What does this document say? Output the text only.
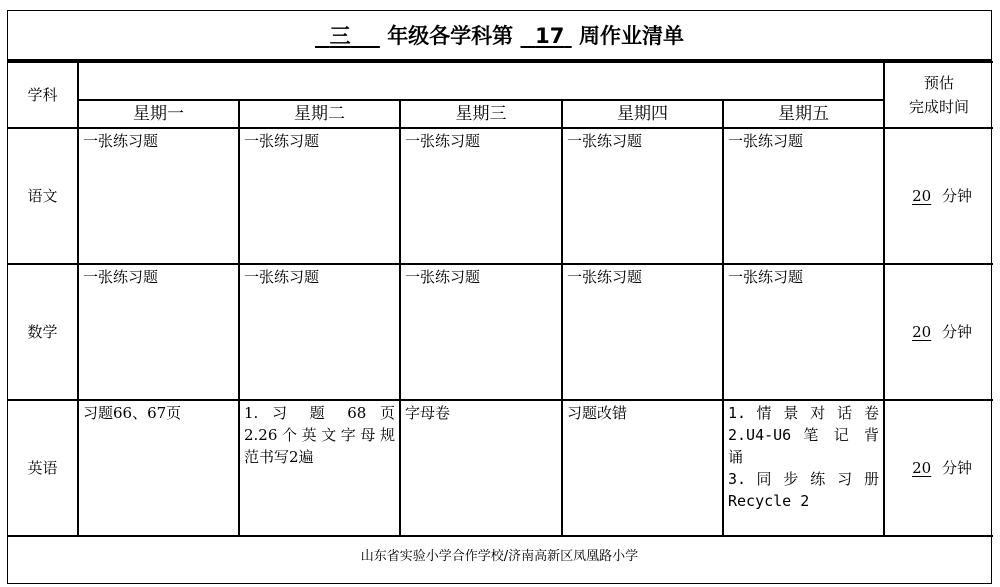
三 年级各学科第 17 周作业清单
学科						预估
完成时间

	星期一	星期二	星期三	星期四	星期五	
语文	一张练习题	一张练习题	一张练习题	一张练习题	一张练习题	20 分钟
数学	一张练习题	一张练习题	一张练习题	一张练习题	一张练习题	20 分钟
英语	习题66、67页	1. 习 题 68 页
2.26个英文字母规
范书写2遍	字母卷	习题改错	1. 情 景 对 话 卷
2.U4-U6 笔 记 背 诵
3. 同 步 练 习 册
Recycle 2	20 分钟
山东省实验小学合作学校/济南高新区凤凰路小学
